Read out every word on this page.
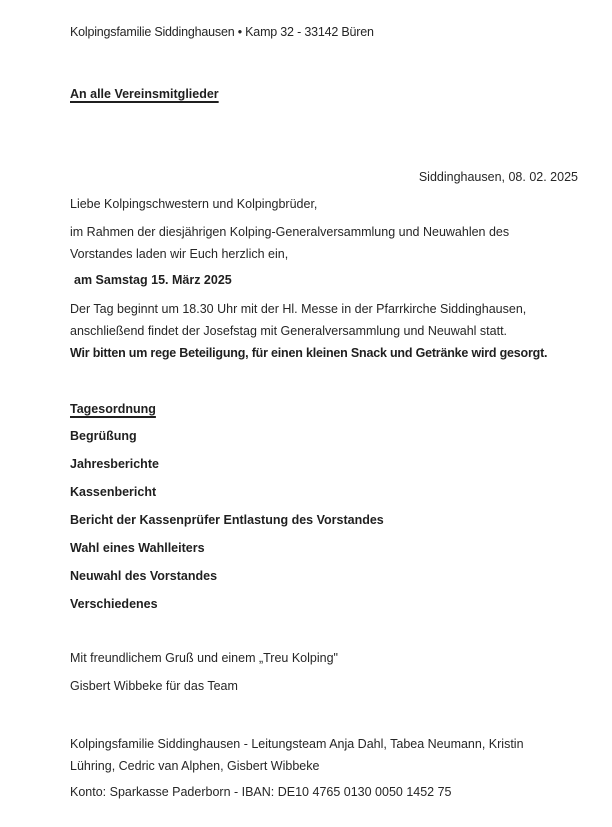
Kolpingsfamilie Siddinghausen • Kamp 32 - 33142 Büren
An alle Vereinsmitglieder
Siddinghausen, 08. 02. 2025
Liebe Kolpingschwestern und Kolpingbrüder,
im Rahmen der diesjährigen Kolping-Generalversammlung und Neuwahlen des
Vorstandes laden wir Euch herzlich ein,
am Samstag 15. März 2025
Der Tag beginnt um 18.30 Uhr mit der Hl. Messe in der Pfarrkirche Siddinghausen,
anschließend findet der Josefstag mit Generalversammlung und Neuwahl statt.
Wir bitten um rege Beteiligung, für einen kleinen Snack und Getränke wird gesorgt.
Tagesordnung
Begrüßung
Jahresberichte
Kassenbericht
Bericht der Kassenprüfer Entlastung des Vorstandes
Wahl eines Wahlleiters
Neuwahl des Vorstandes
Verschiedenes
Mit freundlichem Gruß und einem „Treu Kolping"
Gisbert Wibbeke für das Team
Kolpingsfamilie Siddinghausen - Leitungsteam Anja Dahl, Tabea Neumann, Kristin
Lühring, Cedric van Alphen, Gisbert Wibbeke
Konto: Sparkasse Paderborn - IBAN: DE10 4765 0130 0050 1452 75
